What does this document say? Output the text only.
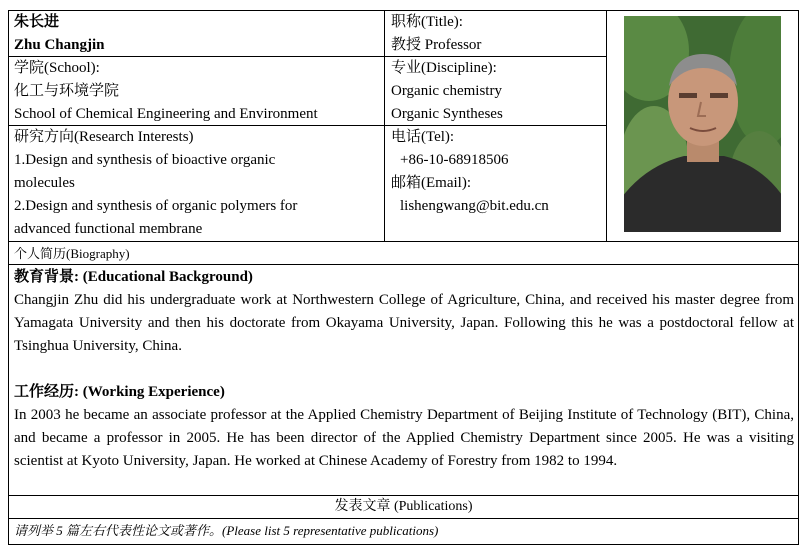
朱长进
Zhu Changjin
职称(Title):
教授 Professor
学院(School):
化工与环境学院
School of Chemical Engineering and Environment
专业(Discipline):
Organic chemistry
Organic Syntheses
研究方向(Research Interests)
1.Design and synthesis of bioactive organic
molecules
2.Design and synthesis of organic polymers for
advanced functional membrane
电话(Tel):
+86-10-68918506
邮箱(Email):
lishengwang@bit.edu.cn
个人简历(Biography)
教育背景: (Educational Background)
Changjin Zhu did his undergraduate work at Northwestern College of Agriculture, China, and received his master degree from Yamagata University and then his doctorate from Okayama University, Japan. Following this he was a postdoctoral fellow at Tsinghua University, China.
工作经历: (Working Experience)
In 2003 he became an associate professor at the Applied Chemistry Department of Beijing Institute of Technology (BIT), China, and became a professor in 2005. He has been director of the Applied Chemistry Department since 2005. He was a visiting scientist at Kyoto University, Japan. He worked at Chinese Academy of Forestry from 1982 to 1994.
发表文章 (Publications)
请列举 5 篇左右代表性论文或著作。(Please list 5 representative publications)
